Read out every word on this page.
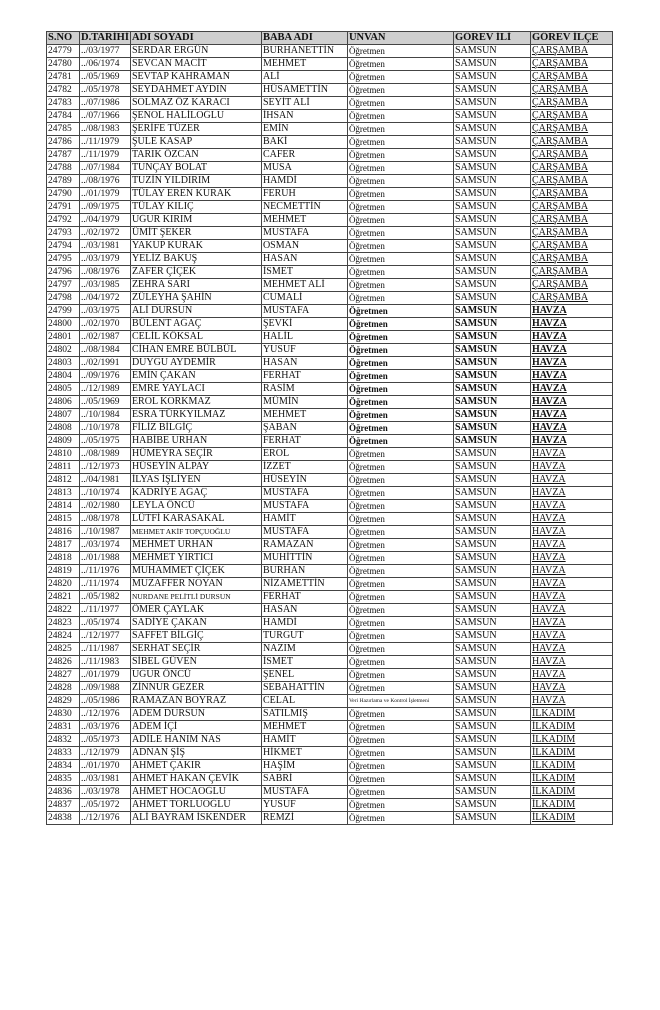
S.NO	D.TARİHİ	ADI SOYADI	BABA ADI	UNVAN	GÖREV İLİ	GÖREV İLÇE
24779	../03/1977	SERDAR ERGÜN	BURHANETTİN	Öğretmen	SAMSUN	ÇARŞAMBA
24780	../06/1974	SEVCAN MACİT	MEHMET	Öğretmen	SAMSUN	ÇARŞAMBA
24781	../05/1969	SEVTAP KAHRAMAN	ALİ	Öğretmen	SAMSUN	ÇARŞAMBA
24782	../05/1978	SEYDAHMET AYDIN	HÜSAMETTİN	Öğretmen	SAMSUN	ÇARŞAMBA
24783	../07/1986	SOLMAZ ÖZ KARACI	SEYİT ALİ	Öğretmen	SAMSUN	ÇARŞAMBA
24784	../07/1966	ŞENOL HALİLOĞLU	İHSAN	Öğretmen	SAMSUN	ÇARŞAMBA
24785	../08/1983	ŞERİFE TÜZER	EMİN	Öğretmen	SAMSUN	ÇARŞAMBA
24786	../11/1979	ŞULE KASAP	BAKİ	Öğretmen	SAMSUN	ÇARŞAMBA
24787	../11/1979	TARIK ÖZCAN	CAFER	Öğretmen	SAMSUN	ÇARŞAMBA
24788	../07/1984	TUNÇAY BOLAT	MUSA	Öğretmen	SAMSUN	ÇARŞAMBA
24789	../08/1976	TUZİN YILDIRIM	HAMDİ	Öğretmen	SAMSUN	ÇARŞAMBA
24790	../01/1979	TÜLAY EREN KURAK	FERUH	Öğretmen	SAMSUN	ÇARŞAMBA
24791	../09/1975	TÜLAY KILIÇ	NECMETTİN	Öğretmen	SAMSUN	ÇARŞAMBA
24792	../04/1979	UĞUR KIRIM	MEHMET	Öğretmen	SAMSUN	ÇARŞAMBA
24793	../02/1972	ÜMİT ŞEKER	MUSTAFA	Öğretmen	SAMSUN	ÇARŞAMBA
24794	../03/1981	YAKUP KURAK	OSMAN	Öğretmen	SAMSUN	ÇARŞAMBA
24795	../03/1979	YELİZ BAKUŞ	HASAN	Öğretmen	SAMSUN	ÇARŞAMBA
24796	../08/1976	ZAFER ÇİÇEK	İSMET	Öğretmen	SAMSUN	ÇARŞAMBA
24797	../03/1985	ZEHRA SARI	MEHMET ALİ	Öğretmen	SAMSUN	ÇARŞAMBA
24798	../04/1972	ZÜLEYHA ŞAHİN	CUMALİ	Öğretmen	SAMSUN	ÇARŞAMBA
24799	../03/1975	ALİ DURSUN	MUSTAFA	Öğretmen	SAMSUN	HAVZA
24800	../02/1970	BÜLENT AĞAÇ	ŞEVKİ	Öğretmen	SAMSUN	HAVZA
24801	../02/1987	CELİL KÖKSAL	HALİL	Öğretmen	SAMSUN	HAVZA
24802	../08/1984	CİHAN EMRE BÜLBÜL	YUSUF	Öğretmen	SAMSUN	HAVZA
24803	../02/1991	DUYGU AYDEMİR	HASAN	Öğretmen	SAMSUN	HAVZA
24804	../09/1976	EMİN ÇAKAN	FERHAT	Öğretmen	SAMSUN	HAVZA
24805	../12/1989	EMRE YAYLACI	RASİM	Öğretmen	SAMSUN	HAVZA
24806	../05/1969	EROL KORKMAZ	MÜMİN	Öğretmen	SAMSUN	HAVZA
24807	../10/1984	ESRA TÜRKYILMAZ	MEHMET	Öğretmen	SAMSUN	HAVZA
24808	../10/1978	FİLİZ BİLGİÇ	ŞABAN	Öğretmen	SAMSUN	HAVZA
24809	../05/1975	HABİBE URHAN	FERHAT	Öğretmen	SAMSUN	HAVZA
24810	../08/1989	HÜMEYRA SEÇİR	EROL	Öğretmen	SAMSUN	HAVZA
24811	../12/1973	HÜSEYİN ALPAY	İZZET	Öğretmen	SAMSUN	HAVZA
24812	../04/1981	İLYAS İŞLİYEN	HÜSEYİN	Öğretmen	SAMSUN	HAVZA
24813	../10/1974	KADRİYE AĞAÇ	MUSTAFA	Öğretmen	SAMSUN	HAVZA
24814	../02/1980	LEYLA ÖNCÜ	MUSTAFA	Öğretmen	SAMSUN	HAVZA
24815	../08/1978	LÜTFİ KARASAKAL	HAMİT	Öğretmen	SAMSUN	HAVZA
24816	../10/1987	MEHMET AKİF TOPÇUOĞLU	MUSTAFA	Öğretmen	SAMSUN	HAVZA
24817	../03/1974	MEHMET URHAN	RAMAZAN	Öğretmen	SAMSUN	HAVZA
24818	../01/1988	MEHMET YIRTICI	MUHİTTİN	Öğretmen	SAMSUN	HAVZA
24819	../11/1976	MUHAMMET ÇİÇEK	BURHAN	Öğretmen	SAMSUN	HAVZA
24820	../11/1974	MUZAFFER NOYAN	NİZAMETTİN	Öğretmen	SAMSUN	HAVZA
24821	../05/1982	NURDANE PELİTLİ DURSUN	FERHAT	Öğretmen	SAMSUN	HAVZA
24822	../11/1977	ÖMER ÇAYLAK	HASAN	Öğretmen	SAMSUN	HAVZA
24823	../05/1974	SADİYE ÇAKAN	HAMDİ	Öğretmen	SAMSUN	HAVZA
24824	../12/1977	SAFFET BİLGİÇ	TURGUT	Öğretmen	SAMSUN	HAVZA
24825	../11/1987	SERHAT SEÇİR	NAZIM	Öğretmen	SAMSUN	HAVZA
24826	../11/1983	SİBEL GÜVEN	İSMET	Öğretmen	SAMSUN	HAVZA
24827	../01/1979	UĞUR ÖNCÜ	ŞENEL	Öğretmen	SAMSUN	HAVZA
24828	../09/1988	ZİNNUR GEZER	SEBAHATTİN	Öğretmen	SAMSUN	HAVZA
24829	../05/1986	RAMAZAN BOYRAZ	CELAL	Veri Hazırlama ve Kontrol İşletmeni	SAMSUN	HAVZA
24830	../12/1976	ADEM DURSUN	SATILMIŞ	Öğretmen	SAMSUN	İLKADIM
24831	../03/1976	ADEM İÇİ	MEHMET	Öğretmen	SAMSUN	İLKADIM
24832	../05/1973	ADİLE HANIM NAS	HAMİT	Öğretmen	SAMSUN	İLKADIM
24833	../12/1979	ADNAN ŞİŞ	HİKMET	Öğretmen	SAMSUN	İLKADIM
24834	../01/1970	AHMET ÇAKIR	HAŞİM	Öğretmen	SAMSUN	İLKADIM
24835	../03/1981	AHMET HAKAN ÇEVİK	SABRİ	Öğretmen	SAMSUN	İLKADIM
24836	../03/1978	AHMET HOCAOĞLU	MUSTAFA	Öğretmen	SAMSUN	İLKADIM
24837	../05/1972	AHMET TORLUOĞLU	YUSUF	Öğretmen	SAMSUN	İLKADIM
24838	../12/1976	ALİ BAYRAM İSKENDER	REMZİ	Öğretmen	SAMSUN	İLKADIM
